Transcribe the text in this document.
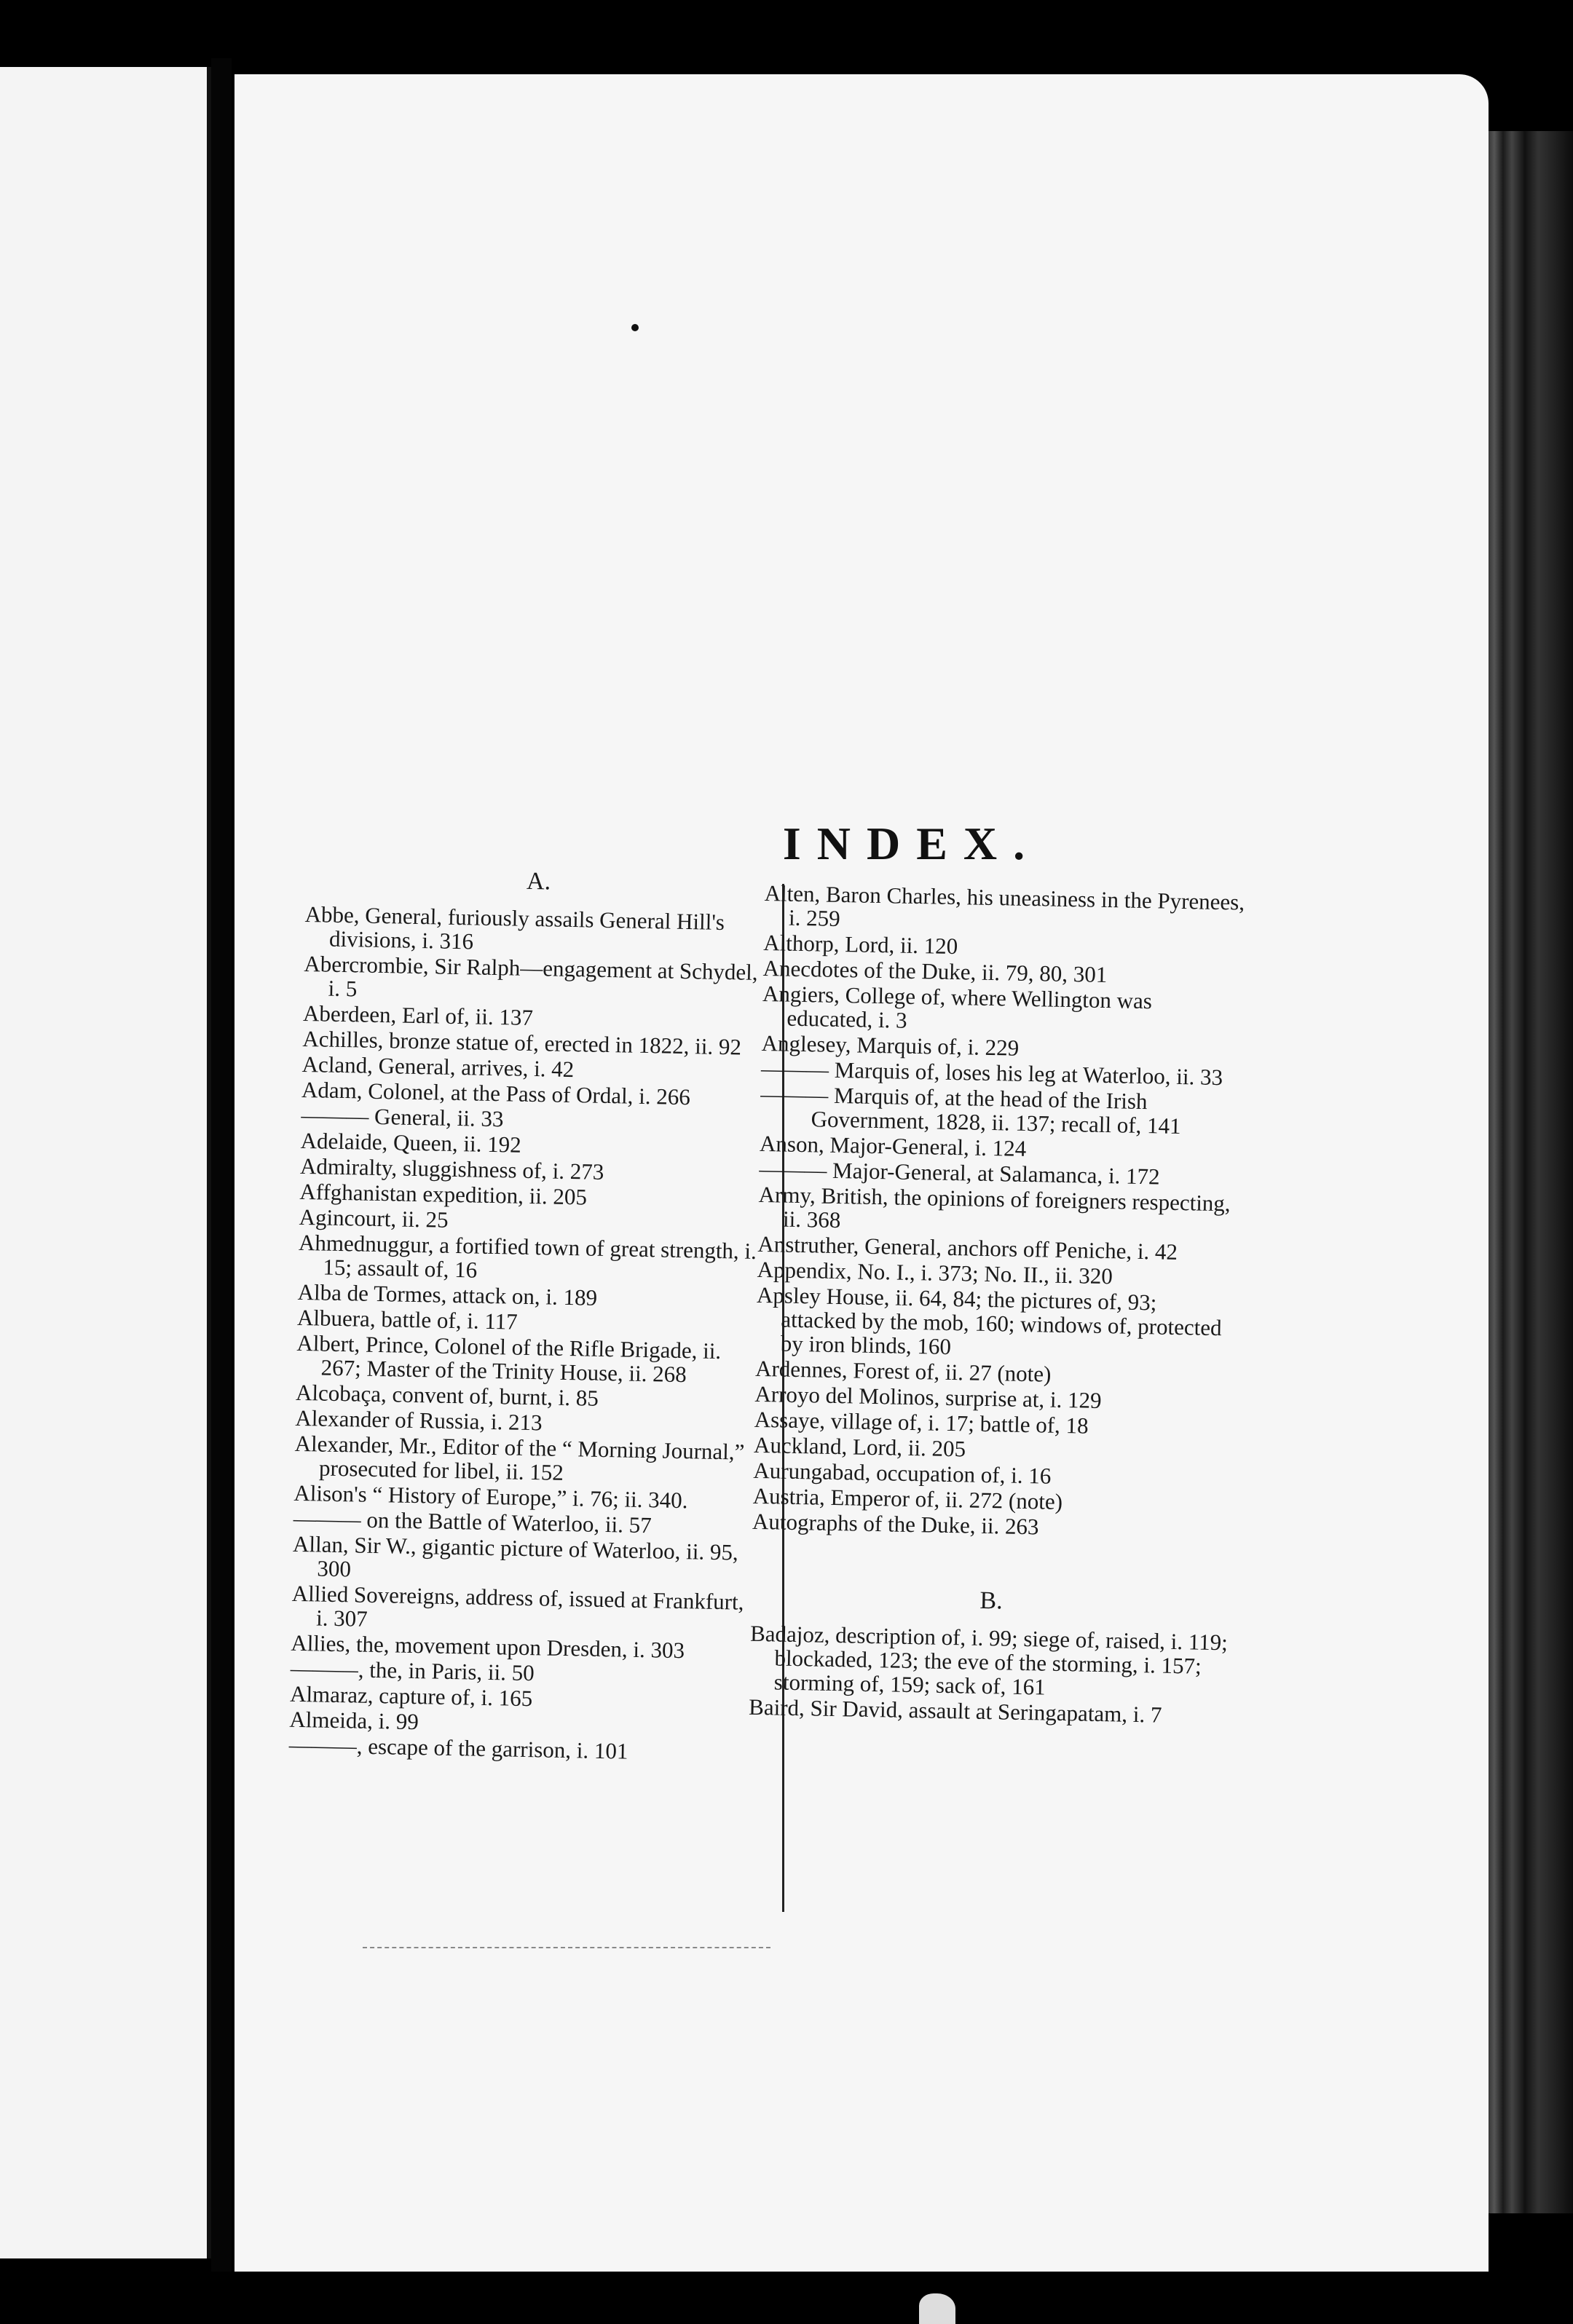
INDEX.
A.
Abbe, General, furiously assails General Hill's divisions, i. 316
Abercrombie, Sir Ralph—engagement at Schydel, i. 5
Aberdeen, Earl of, ii. 137
Achilles, bronze statue of, erected in 1822, ii. 92
Acland, General, arrives, i. 42
Adam, Colonel, at the Pass of Ordal, i. 266
——— General, ii. 33
Adelaide, Queen, ii. 192
Admiralty, sluggishness of, i. 273
Affghanistan expedition, ii. 205
Agincourt, ii. 25
Ahmednuggur, a fortified town of great strength, i. 15; assault of, 16
Alba de Tormes, attack on, i. 189
Albuera, battle of, i. 117
Albert, Prince, Colonel of the Rifle Brigade, ii. 267; Master of the Trinity House, ii. 268
Alcobaça, convent of, burnt, i. 85
Alexander of Russia, i. 213
Alexander, Mr., Editor of the “ Morning Journal,” prosecuted for libel, ii. 152
Alison's “ History of Europe,” i. 76; ii. 340.
——— on the Battle of Waterloo, ii. 57
Allan, Sir W., gigantic picture of Waterloo, ii. 95, 300
Allied Sovereigns, address of, issued at Frankfurt, i. 307
Allies, the, movement upon Dresden, i. 303
———, the, in Paris, ii. 50
Almaraz, capture of, i. 165
Almeida, i. 99
———, escape of the garrison, i. 101
Alten, Baron Charles, his uneasiness in the Pyrenees, i. 259
Althorp, Lord, ii. 120
Anecdotes of the Duke, ii. 79, 80, 301
Angiers, College of, where Wellington was educated, i. 3
Anglesey, Marquis of, i. 229
——— Marquis of, loses his leg at Waterloo, ii. 33
——— Marquis of, at the head of the Irish Government, 1828, ii. 137; recall of, 141
Anson, Major-General, i. 124
——— Major-General, at Salamanca, i. 172
Army, British, the opinions of foreigners respecting, ii. 368
Anstruther, General, anchors off Peniche, i. 42
Appendix, No. I., i. 373; No. II., ii. 320
Apsley House, ii. 64, 84; the pictures of, 93; attacked by the mob, 160; windows of, protected by iron blinds, 160
Ardennes, Forest of, ii. 27 (note)
Arroyo del Molinos, surprise at, i. 129
Assaye, village of, i. 17; battle of, 18
Auckland, Lord, ii. 205
Aurungabad, occupation of, i. 16
Austria, Emperor of, ii. 272 (note)
Autographs of the Duke, ii. 263
B.
Badajoz, description of, i. 99; siege of, raised, i. 119; blockaded, 123; the eve of the storming, i. 157; storming of, 159; sack of, 161
Baird, Sir David, assault at Seringapatam, i. 7
